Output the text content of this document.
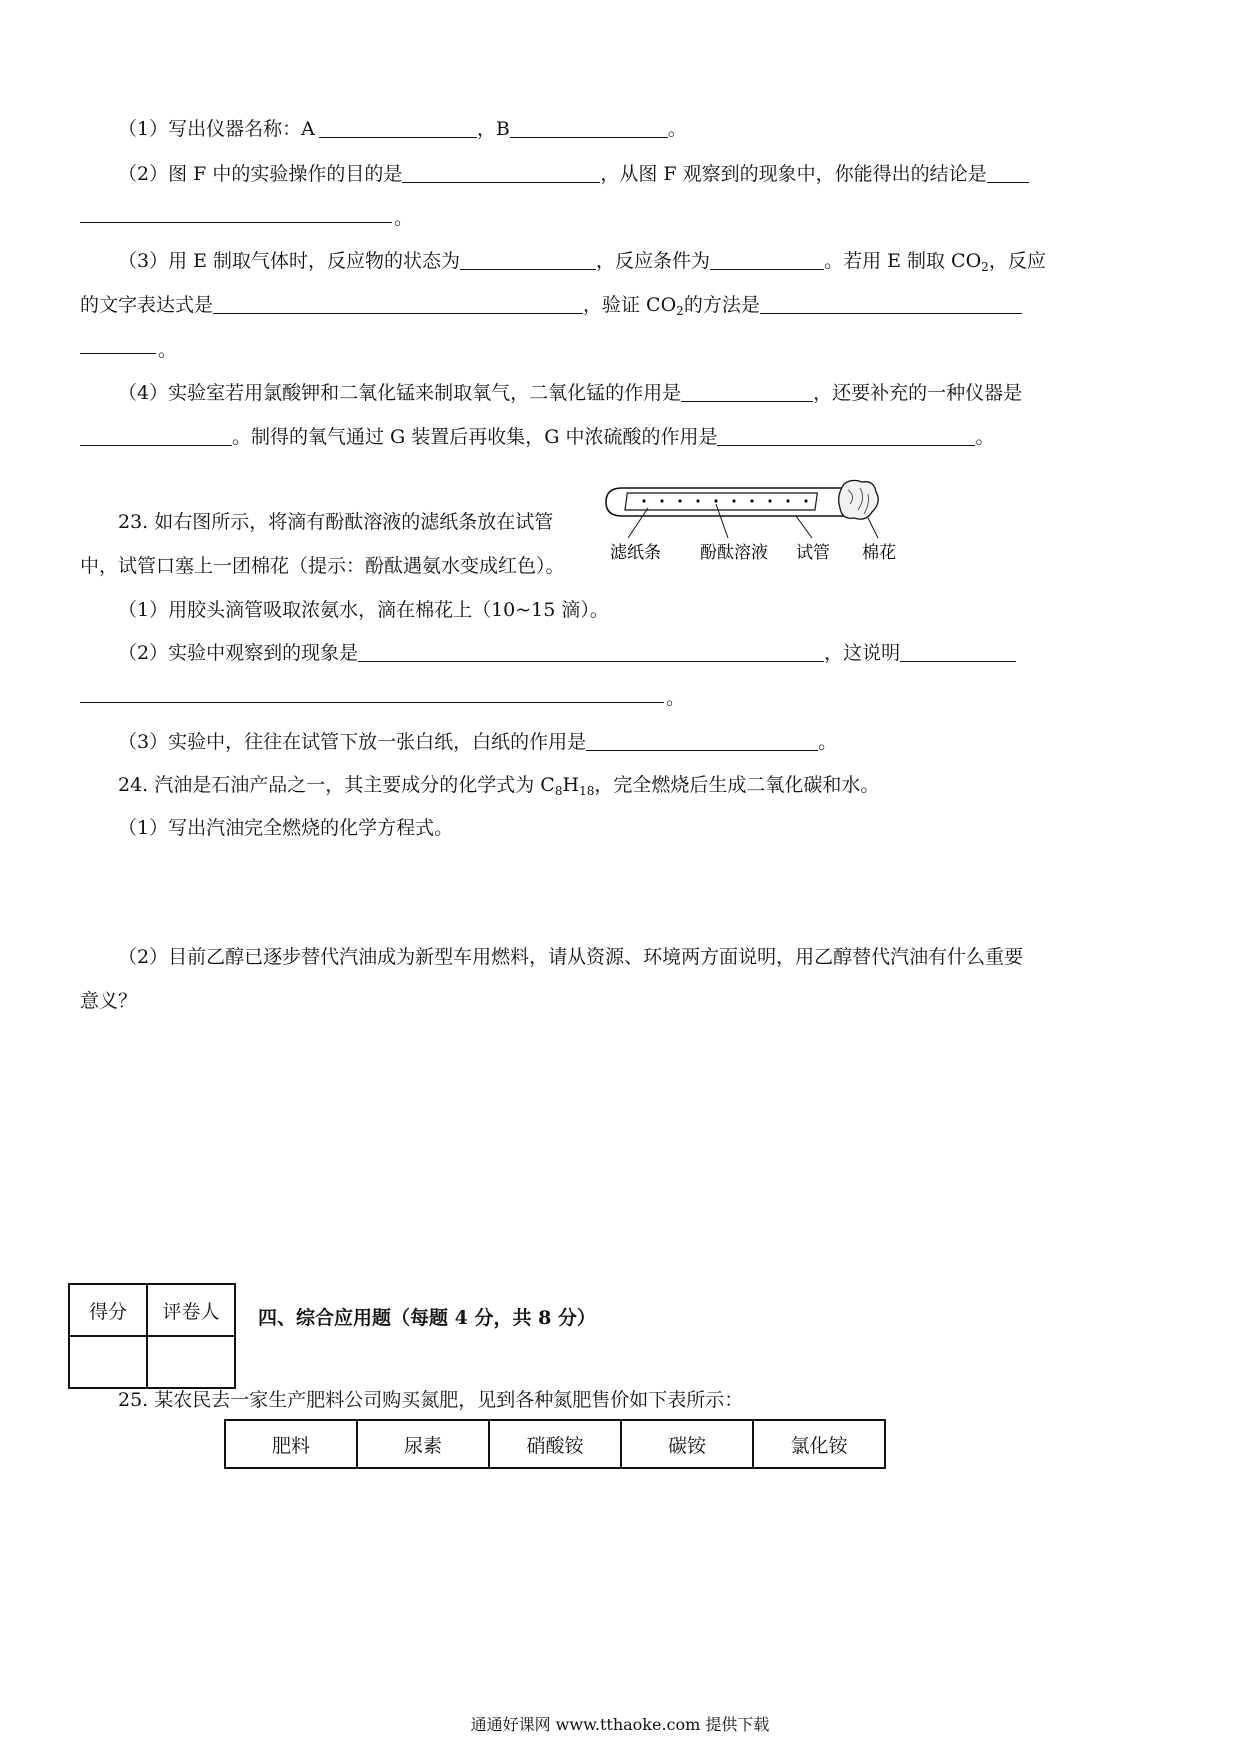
（1）写出仪器名称：A	，B	。
（2）图 F 中的实验操作的目的是	，从图 F 观察到的现象中，你能得出的结论是
。
（3）用 E 制取气体时，反应物的状态为	，反应条件为	。若用 E 制取 $CO_2$，反应
的文字表达式是	，验证 $CO_2$的方法是
。
（4）实验室若用氯酸钾和二氧化锰来制取氧气，二氧化锰的作用是	，还要补充的一种仪器是
。制得的氧气通过 G 装置后再收集，G 中浓硫酸的作用是	。
23. 如右图所示，将滴有酚酞溶液的滤纸条放在试管
中，试管口塞上一团棉花（提示：酚酞遇氨水变成红色）。
滤纸条 酚酞溶液 试管 棉花
（1）用胶头滴管吸取浓氨水，滴在棉花上（10~15 滴）。
（2）实验中观察到的现象是	，这说明
。
（3）实验中，往往在试管下放一张白纸，白纸的作用是	。
24. 汽油是石油产品之一，其主要成分的化学式为 $C_8H_{18}$，完全燃烧后生成二氧化碳和水。
（1）写出汽油完全燃烧的化学方程式。
（2）目前乙醇已逐步替代汽油成为新型车用燃料，请从资源、环境两方面说明，用乙醇替代汽油有什么重要
意义？
得分	评卷人
	四、综合应用题（每题 4 分，共 8 分）
25. 某农民去一家生产肥料公司购买氮肥，见到各种氮肥售价如下表所示：
肥料	尿素	硝酸铵	碳铵	氯化铵
通通好课网 www.tthaoke.com 提供下载
